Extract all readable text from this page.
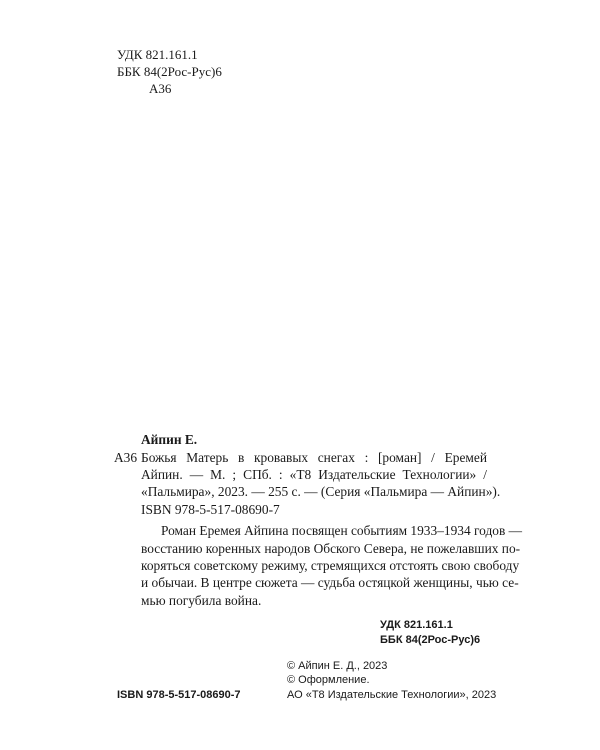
УДК 821.161.1
ББК 84(2Рос-Рус)6
А36
Айпин Е.
А36 Божья Матерь в кровавых снегах : [роман] / Еремей
Айпин. — М. ; СПб. : «Т8 Издательские Технологии» /
«Пальмира», 2023. — 255 с. — (Серия «Пальмира — Айпин»).
ISBN 978-5-517-08690-7
Роман Еремея Айпина посвящен событиям 1933–1934 годов —
восстанию коренных народов Обского Севера, не пожелавших по-
коряться советскому режиму, стремящихся отстоять свою свободу
и обычаи. В центре сюжета — судьба остяцкой женщины, чью се-
мью погубила война.
УДК 821.161.1
ББК 84(2Рос-Рус)6
© Айпин Е. Д., 2023
© Оформление.
ISBN 978-5-517-08690-7	АО «Т8 Издательские Технологии», 2023
